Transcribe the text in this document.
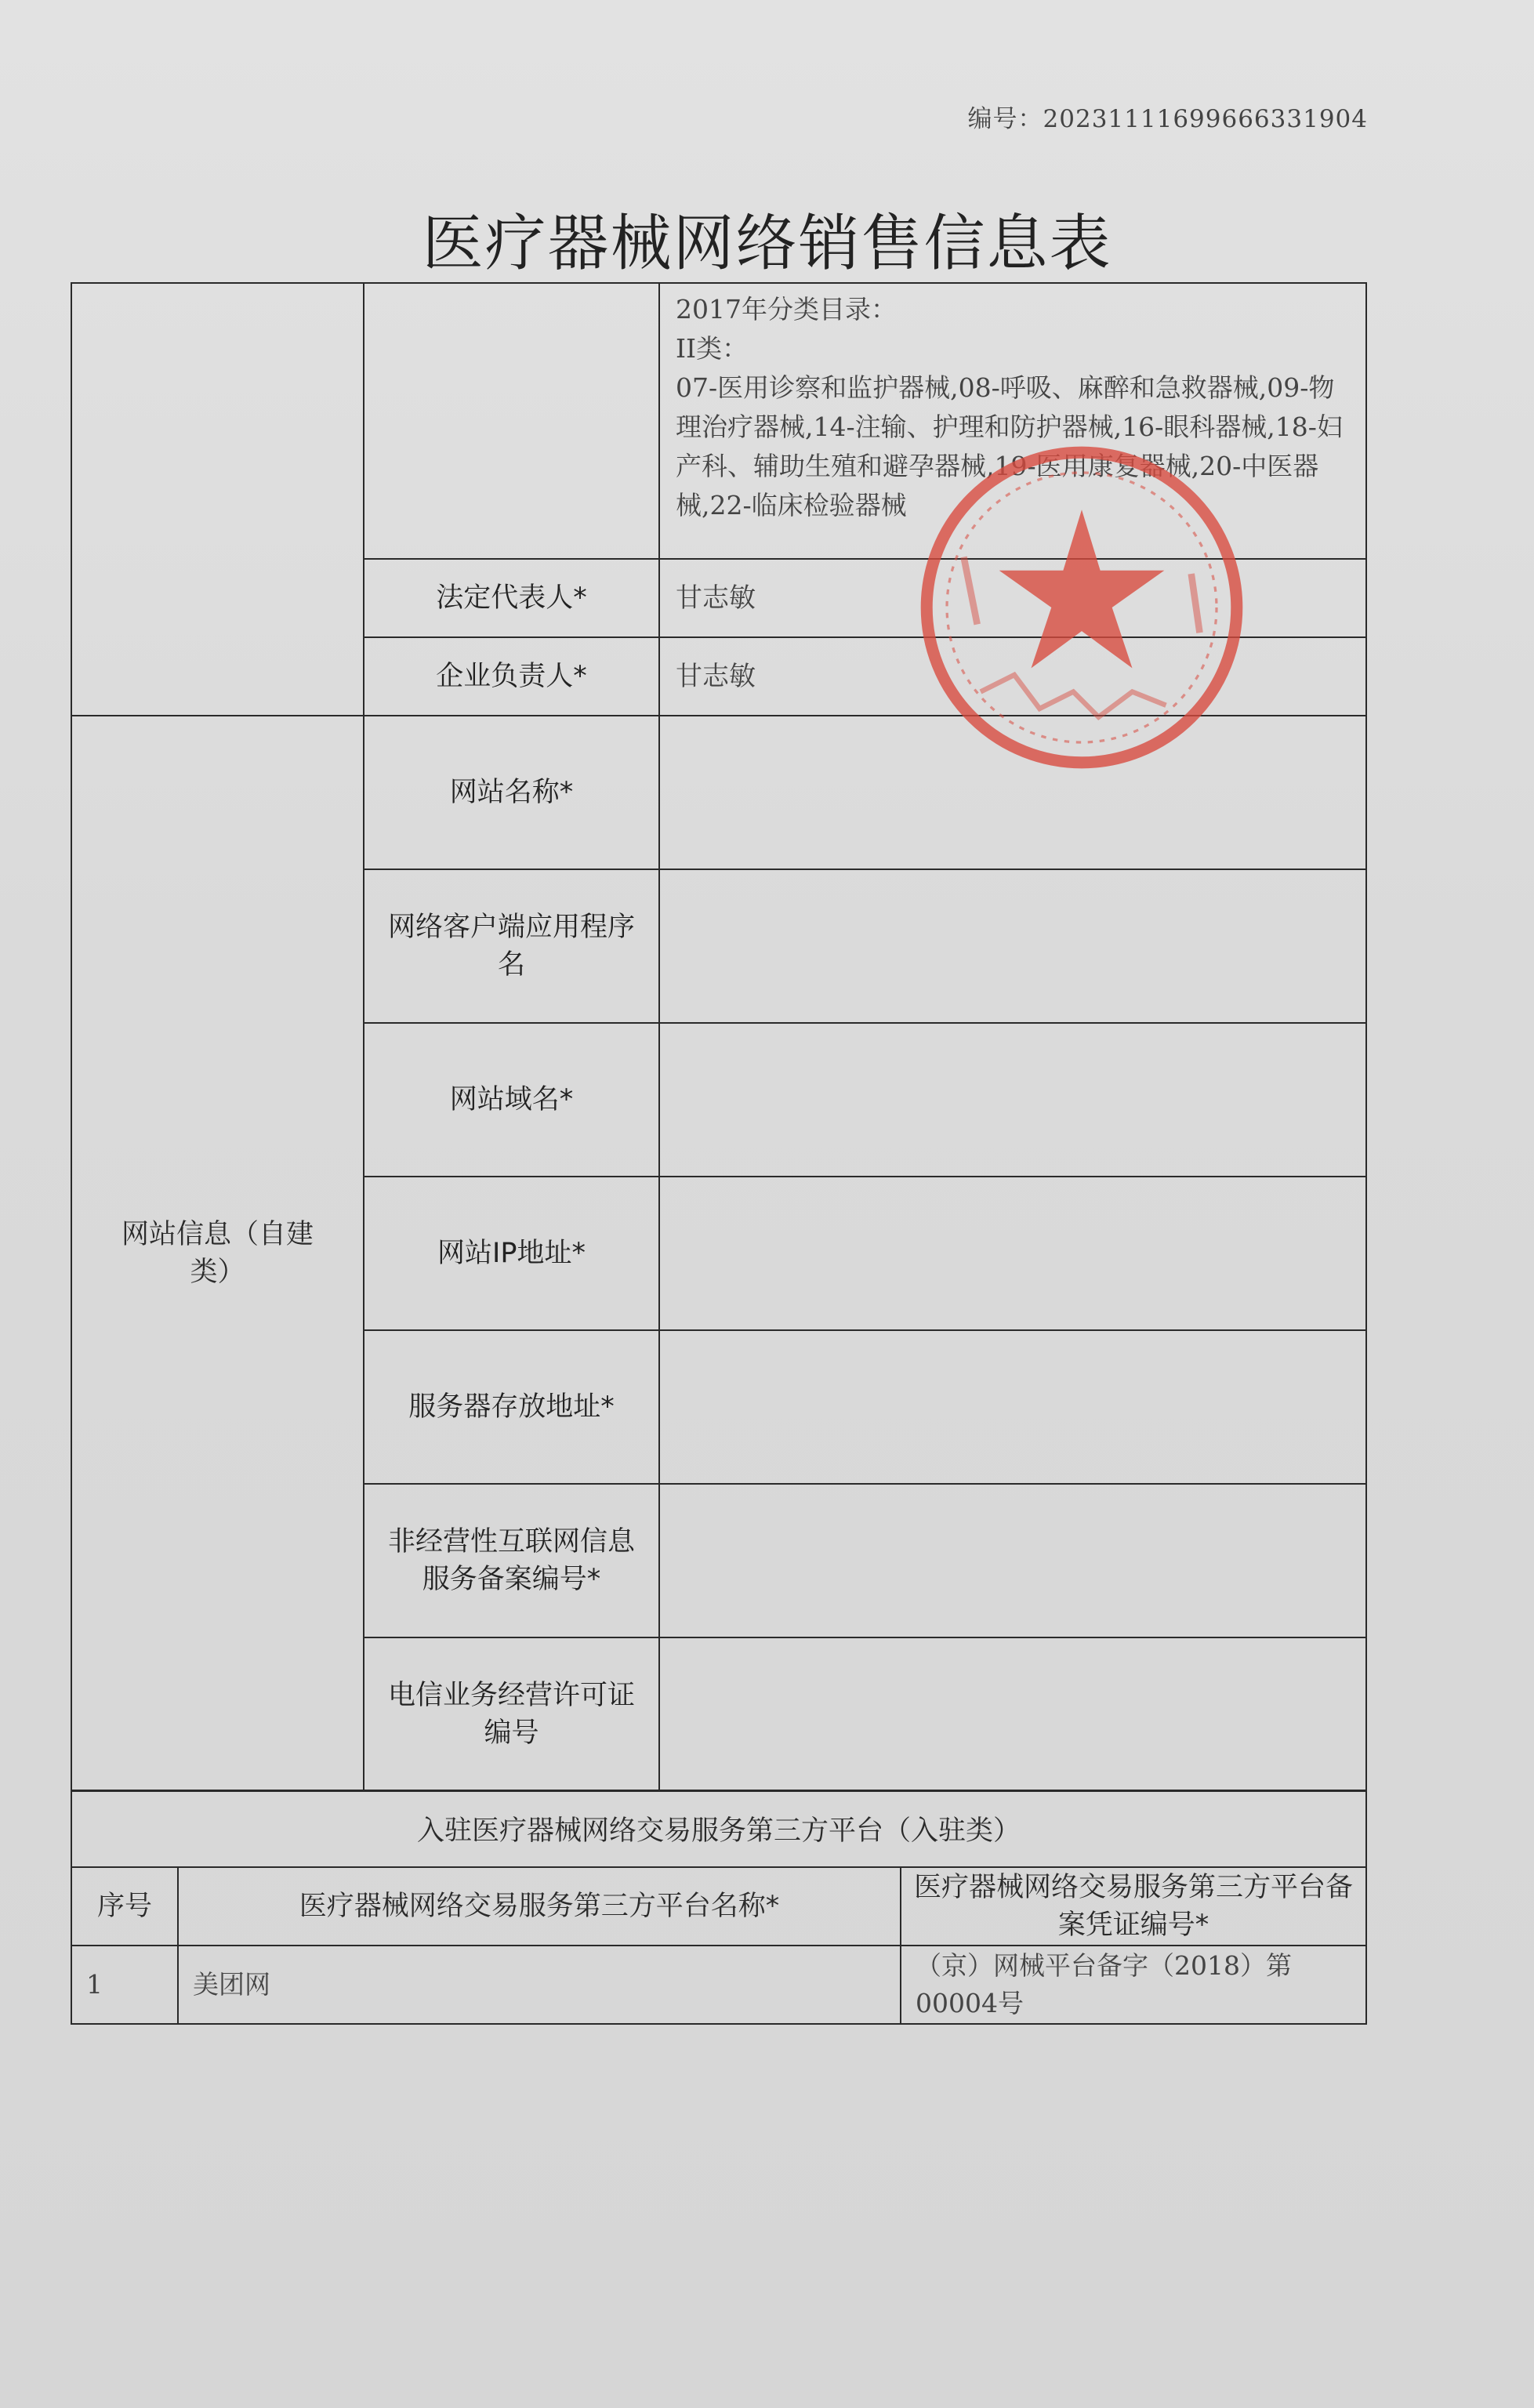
编号：20231111699666331904
医疗器械网络销售信息表

		2017年分类目录：
II类：
07-医用诊察和监护器械,08-呼吸、麻醉和急救器械,09-物理治疗器械,14-注输、护理和防护器械,16-眼科器械,18-妇产科、辅助生殖和避孕器械,19-医用康复器械,20-中医器械,22-临床检验器械

	法定代表人*	甘志敏
	企业负责人*	甘志敏
网站信息（自建类）	网站名称*	
	网络客户端应用程序名	
	网站域名*	
	网站IP地址*	
	服务器存放地址*	
	非经营性互联网信息服务备案编号*	
	电信业务经营许可证编号	
入驻医疗器械网络交易服务第三方平台（入驻类）		
序号	医疗器械网络交易服务第三方平台名称*	医疗器械网络交易服务第三方平台备案凭证编号*
1	美团网	（京）网械平台备字（2018）第00004号
